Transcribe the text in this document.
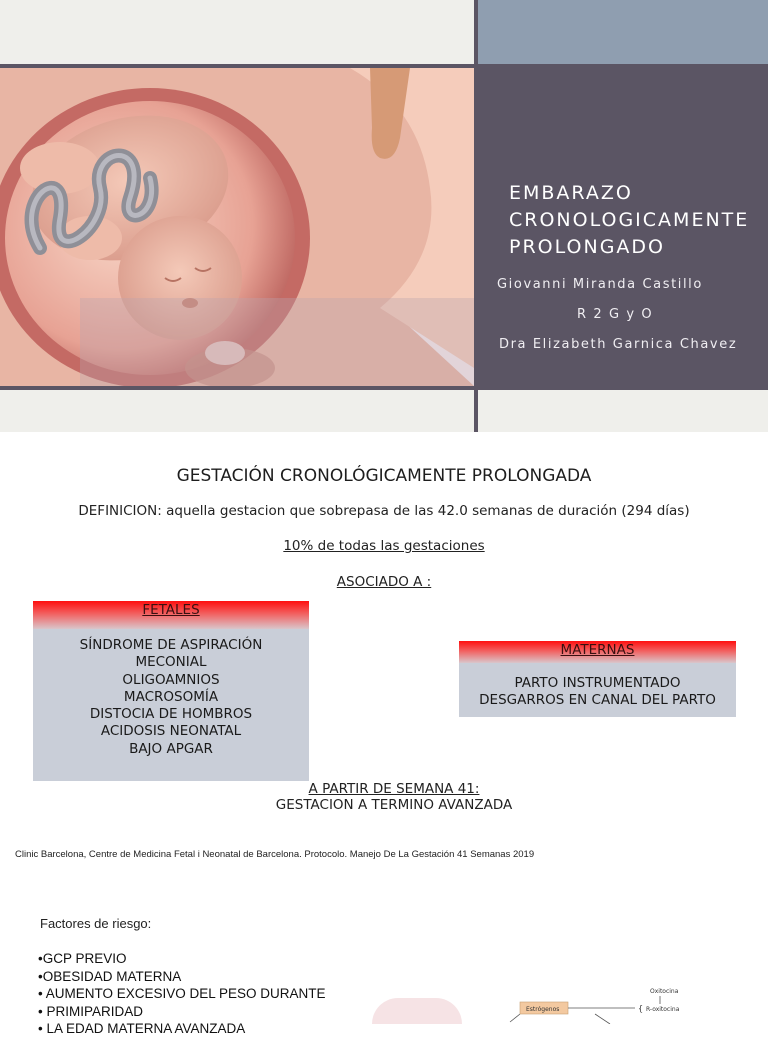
EMBARAZO
CRONOLOGICAMENTE
PROLONGADO
Giovanni Miranda Castillo
R 2 G y O
Dra Elizabeth Garnica Chavez
GESTACIÓN CRONOLÓGICAMENTE PROLONGADA
DEFINICION: aquella gestacion que sobrepasa de las 42.0 semanas de duración (294 días)
10% de todas las gestaciones
ASOCIADO A :
FETALES
SÍNDROME DE ASPIRACIÓN
MECONIAL
OLIGOAMNIOS
MACROSOMÍA
DISTOCIA DE HOMBROS
ACIDOSIS NEONATAL
BAJO APGAR
MATERNAS
PARTO INSTRUMENTADO
DESGARROS EN CANAL DEL PARTO
A PARTIR DE SEMANA 41:
GESTACION A TERMINO AVANZADA
Clinic Barcelona, Centre de Medicina Fetal i Neonatal de Barcelona. Protocolo. Manejo De La Gestación 41 Semanas 2019
Factores de riesgo:
•GCP PREVIO
•OBESIDAD MATERNA
• AUMENTO EXCESIVO DEL PESO DURANTE
• PRIMIPARIDAD
• LA EDAD MATERNA AVANZADA
Oxitocina
Estrógenos	{ R-oxitocina
